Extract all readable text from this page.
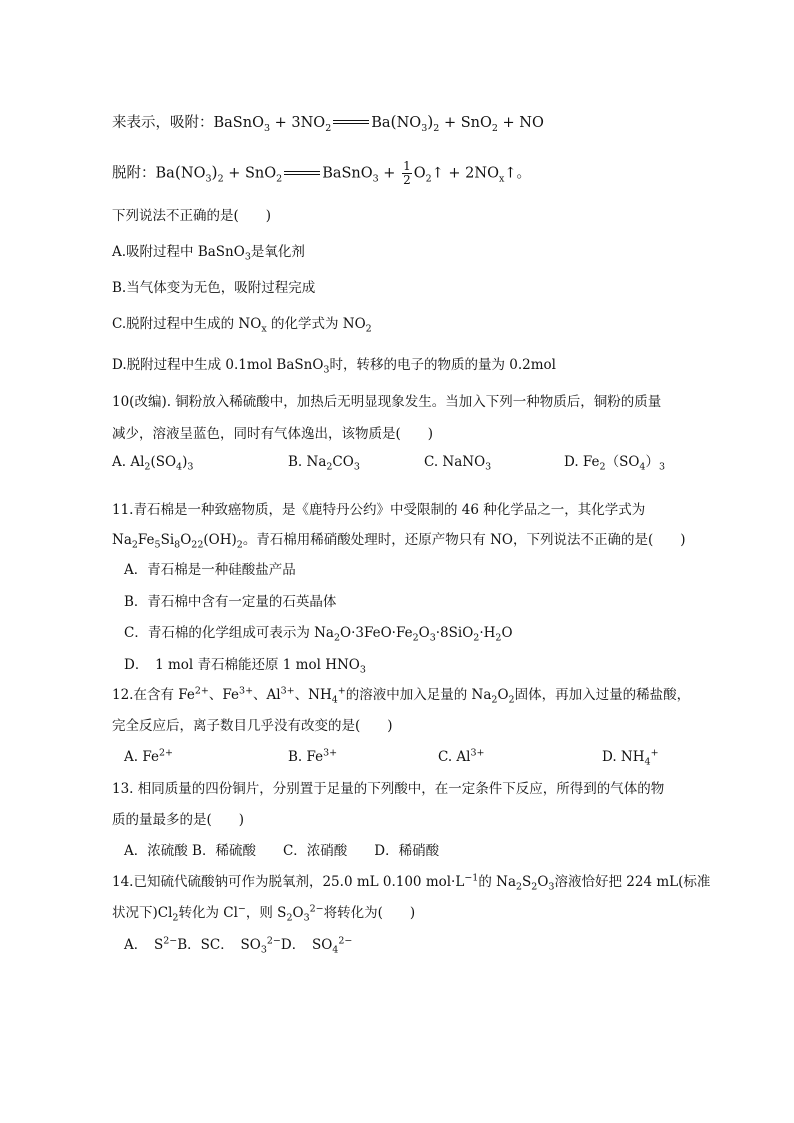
来表示，吸附：BaSnO$_3$ + $3NO_2$	$Ba(NO_3)_2 + SnO_2$ + NO
脱附：$Ba(NO_3)_2 + SnO_2$	BaSnO$_3$ + $\frac{1}{2}$ $O_2↑$ + $2NO_x↑$。
下列说法不正确的是(　　)
A.吸附过程中 BaSnO$_3$是氧化剂
B.当气体变为无色，吸附过程完成
C.脱附过程中生成的 $NO_x$ 的化学式为 $NO_2$
D.脱附过程中生成 0.1mol BaSnO$_3$时，转移的电子的物质的量为 0.2mol
10(改编). 铜粉放入稀硫酸中，加热后无明显现象发生。当加入下列一种物质后，铜粉的质量
减少，溶液呈蓝色，同时有气体逸出，该物质是(　　)
A. $Al_2(SO_4)_3$	B. $Na_2CO_3$	C. NaNO$_3$	D. $Fe_2(SO_4)_3$
11.青石棉是一种致癌物质，是《鹿特丹公约》中受限制的 46 种化学品之一，其化学式为
$Na_2Fe_5Si_8O_{22}(OH)_2$。青石棉用稀硝酸处理时，还原产物只有 NO，下列说法不正确的是(　　)
A．青石棉是一种硅酸盐产品
B．青石棉中含有一定量的石英晶体
C．青石棉的化学组成可表示为 $Na_2O\cdot 3FeO\cdot Fe_2O_3\cdot 8SiO_2\cdot H_2O$
D．　1 mol 青石棉能还原 1 mol $HNO_3$
12.在含有 $Fe^{2+}$、$Fe^{3+}$、$Al^{3+}$、$NH_4^+$的溶液中加入足量的 $Na_2O_2$固体，再加入过量的稀盐酸，
完全反应后，离子数目几乎没有改变的是(　　)
A. $Fe^{2+}$	B. $Fe^{3+}$	C. $Al^{3+}$	D. $NH_4^+$
13. 相同质量的四份铜片，分别置于足量的下列酸中，在一定条件下反应，所得到的气体的物
质的量最多的是(　　)
A．浓硫酸 B．稀硫酸　　C．浓硝酸　　D．稀硝酸
14.已知硫代硫酸钠可作为脱氧剂，25.0 mL 0.100 $mol\cdot L^{-1}$的 $Na_2S_2O_3$溶液恰好把 224 mL(标准
状况下)$Cl_2$转化为 Cl−，则 $S_2O_3^{2-}$将转化为(　　)
A．　$S^{2-}B$．SC．　$SO_3^{2-}D$．　$SO_4^{2-}$
